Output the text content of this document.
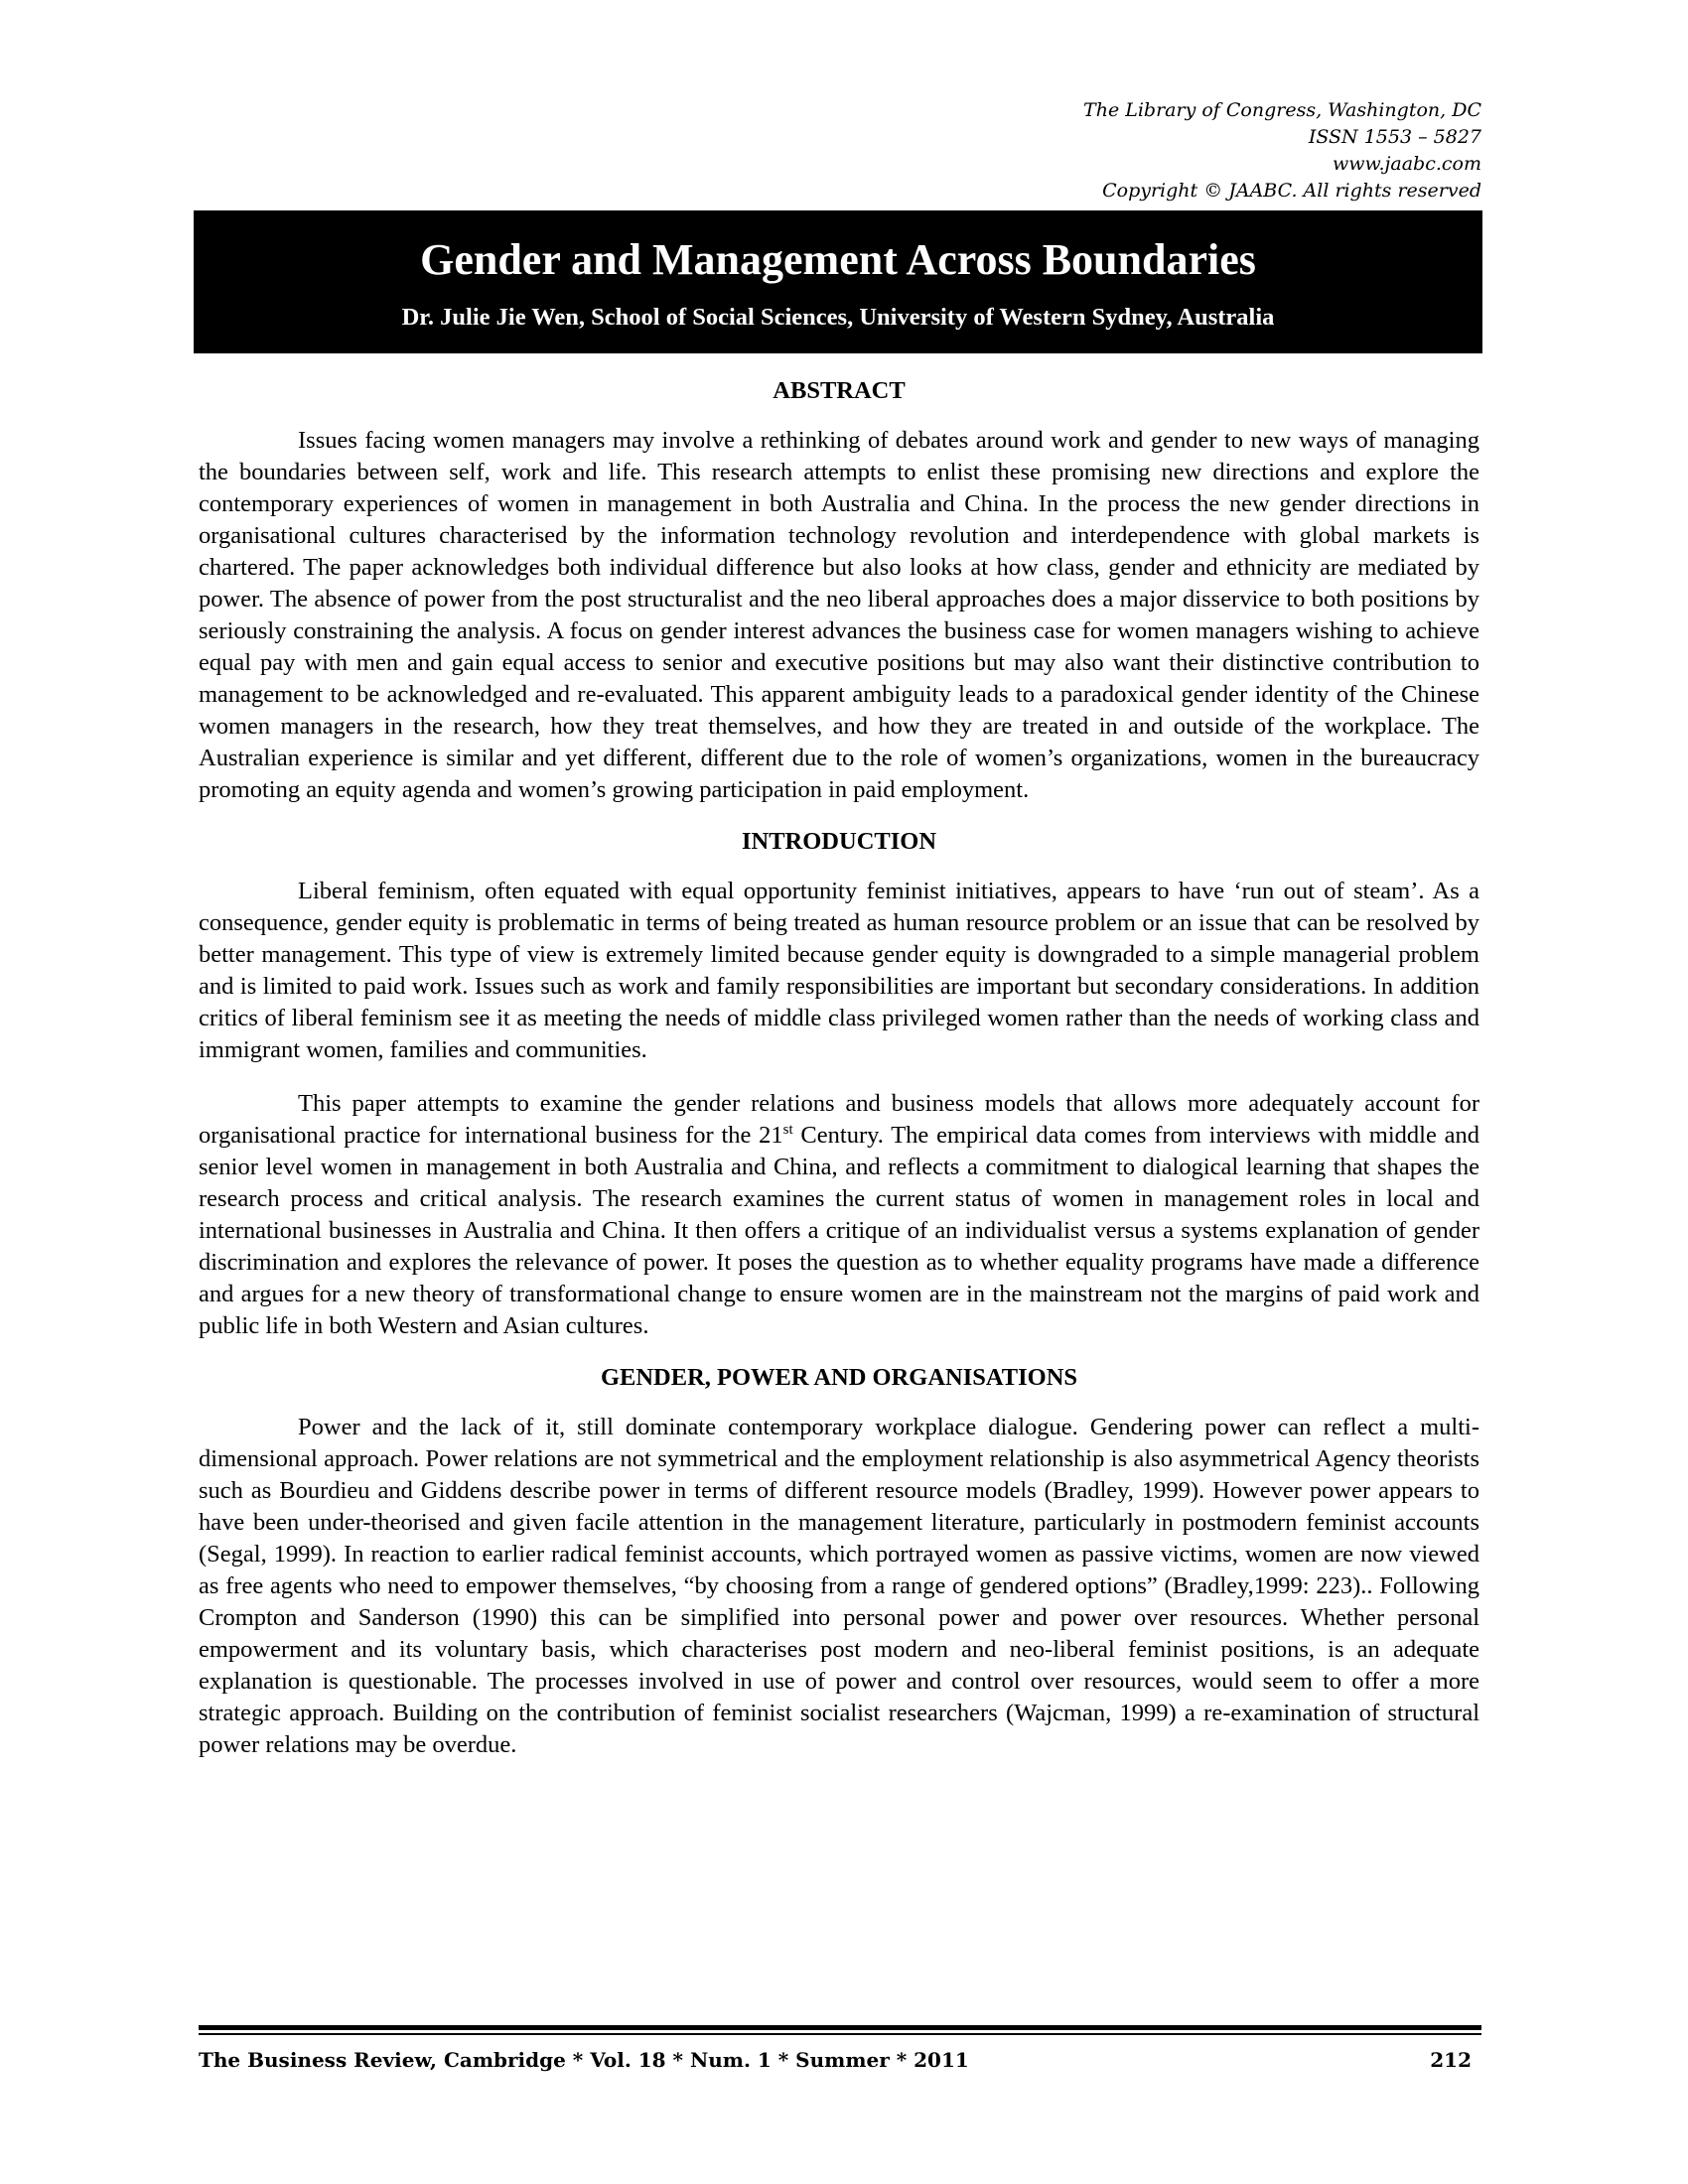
The Library of Congress, Washington, DC
ISSN 1553 – 5827
www.jaabc.com
Copyright © JAABC. All rights reserved
Gender and Management Across Boundaries
Dr. Julie Jie Wen, School of Social Sciences, University of Western Sydney, Australia
ABSTRACT

Issues facing women managers may involve a rethinking of debates around work and gender to new ways of managing the boundaries between self, work and life. This research attempts to enlist these promising new directions and explore the contemporary experiences of women in management in both Australia and China. In the process the new gender directions in organisational cultures characterised by the information technology revolution and interdependence with global markets is chartered. The paper acknowledges both individual difference but also looks at how class, gender and ethnicity are mediated by power. The absence of power from the post structuralist and the neo liberal approaches does a major disservice to both positions by seriously constraining the analysis. A focus on gender interest advances the business case for women managers wishing to achieve equal pay with men and gain equal access to senior and executive positions but may also want their distinctive contribution to management to be acknowledged and re-evaluated. This apparent ambiguity leads to a paradoxical gender identity of the Chinese women managers in the research, how they treat themselves, and how they are treated in and outside of the workplace. The Australian experience is similar and yet different, different due to the role of women’s organizations, women in the bureaucracy promoting an equity agenda and women’s growing participation in paid employment.

INTRODUCTION

Liberal feminism, often equated with equal opportunity feminist initiatives, appears to have ‘run out of steam’. As a consequence, gender equity is problematic in terms of being treated as human resource problem or an issue that can be resolved by better management. This type of view is extremely limited because gender equity is downgraded to a simple managerial problem and is limited to paid work. Issues such as work and family responsibilities are important but secondary considerations. In addition critics of liberal feminism see it as meeting the needs of middle class privileged women rather than the needs of working class and immigrant women, families and communities.

This paper attempts to examine the gender relations and business models that allows more adequately account for organisational practice for international business for the 21st Century. The empirical data comes from interviews with middle and senior level women in management in both Australia and China, and reflects a commitment to dialogical learning that shapes the research process and critical analysis. The research examines the current status of women in management roles in local and international businesses in Australia and China. It then offers a critique of an individualist versus a systems explanation of gender discrimination and explores the relevance of power. It poses the question as to whether equality programs have made a difference and argues for a new theory of transformational change to ensure women are in the mainstream not the margins of paid work and public life in both Western and Asian cultures.

GENDER, POWER AND ORGANISATIONS

Power and the lack of it, still dominate contemporary workplace dialogue. Gendering power can reflect a multi-dimensional approach. Power relations are not symmetrical and the employment relationship is also asymmetrical Agency theorists such as Bourdieu and Giddens describe power in terms of different resource models (Bradley, 1999). However power appears to have been under-theorised and given facile attention in the management literature, particularly in postmodern feminist accounts (Segal, 1999). In reaction to earlier radical feminist accounts, which portrayed women as passive victims, women are now viewed as free agents who need to empower themselves, “by choosing from a range of gendered options” (Bradley,1999: 223).. Following Crompton and Sanderson (1990) this can be simplified into personal power and power over resources. Whether personal empowerment and its voluntary basis, which characterises post modern and neo-liberal feminist positions, is an adequate explanation is questionable. The processes involved in use of power and control over resources, would seem to offer a more strategic approach. Building on the contribution of feminist socialist researchers (Wajcman, 1999) a re-examination of structural power relations may be overdue.

The Business Review, Cambridge * Vol. 18 * Num. 1 * Summer * 2011	212
